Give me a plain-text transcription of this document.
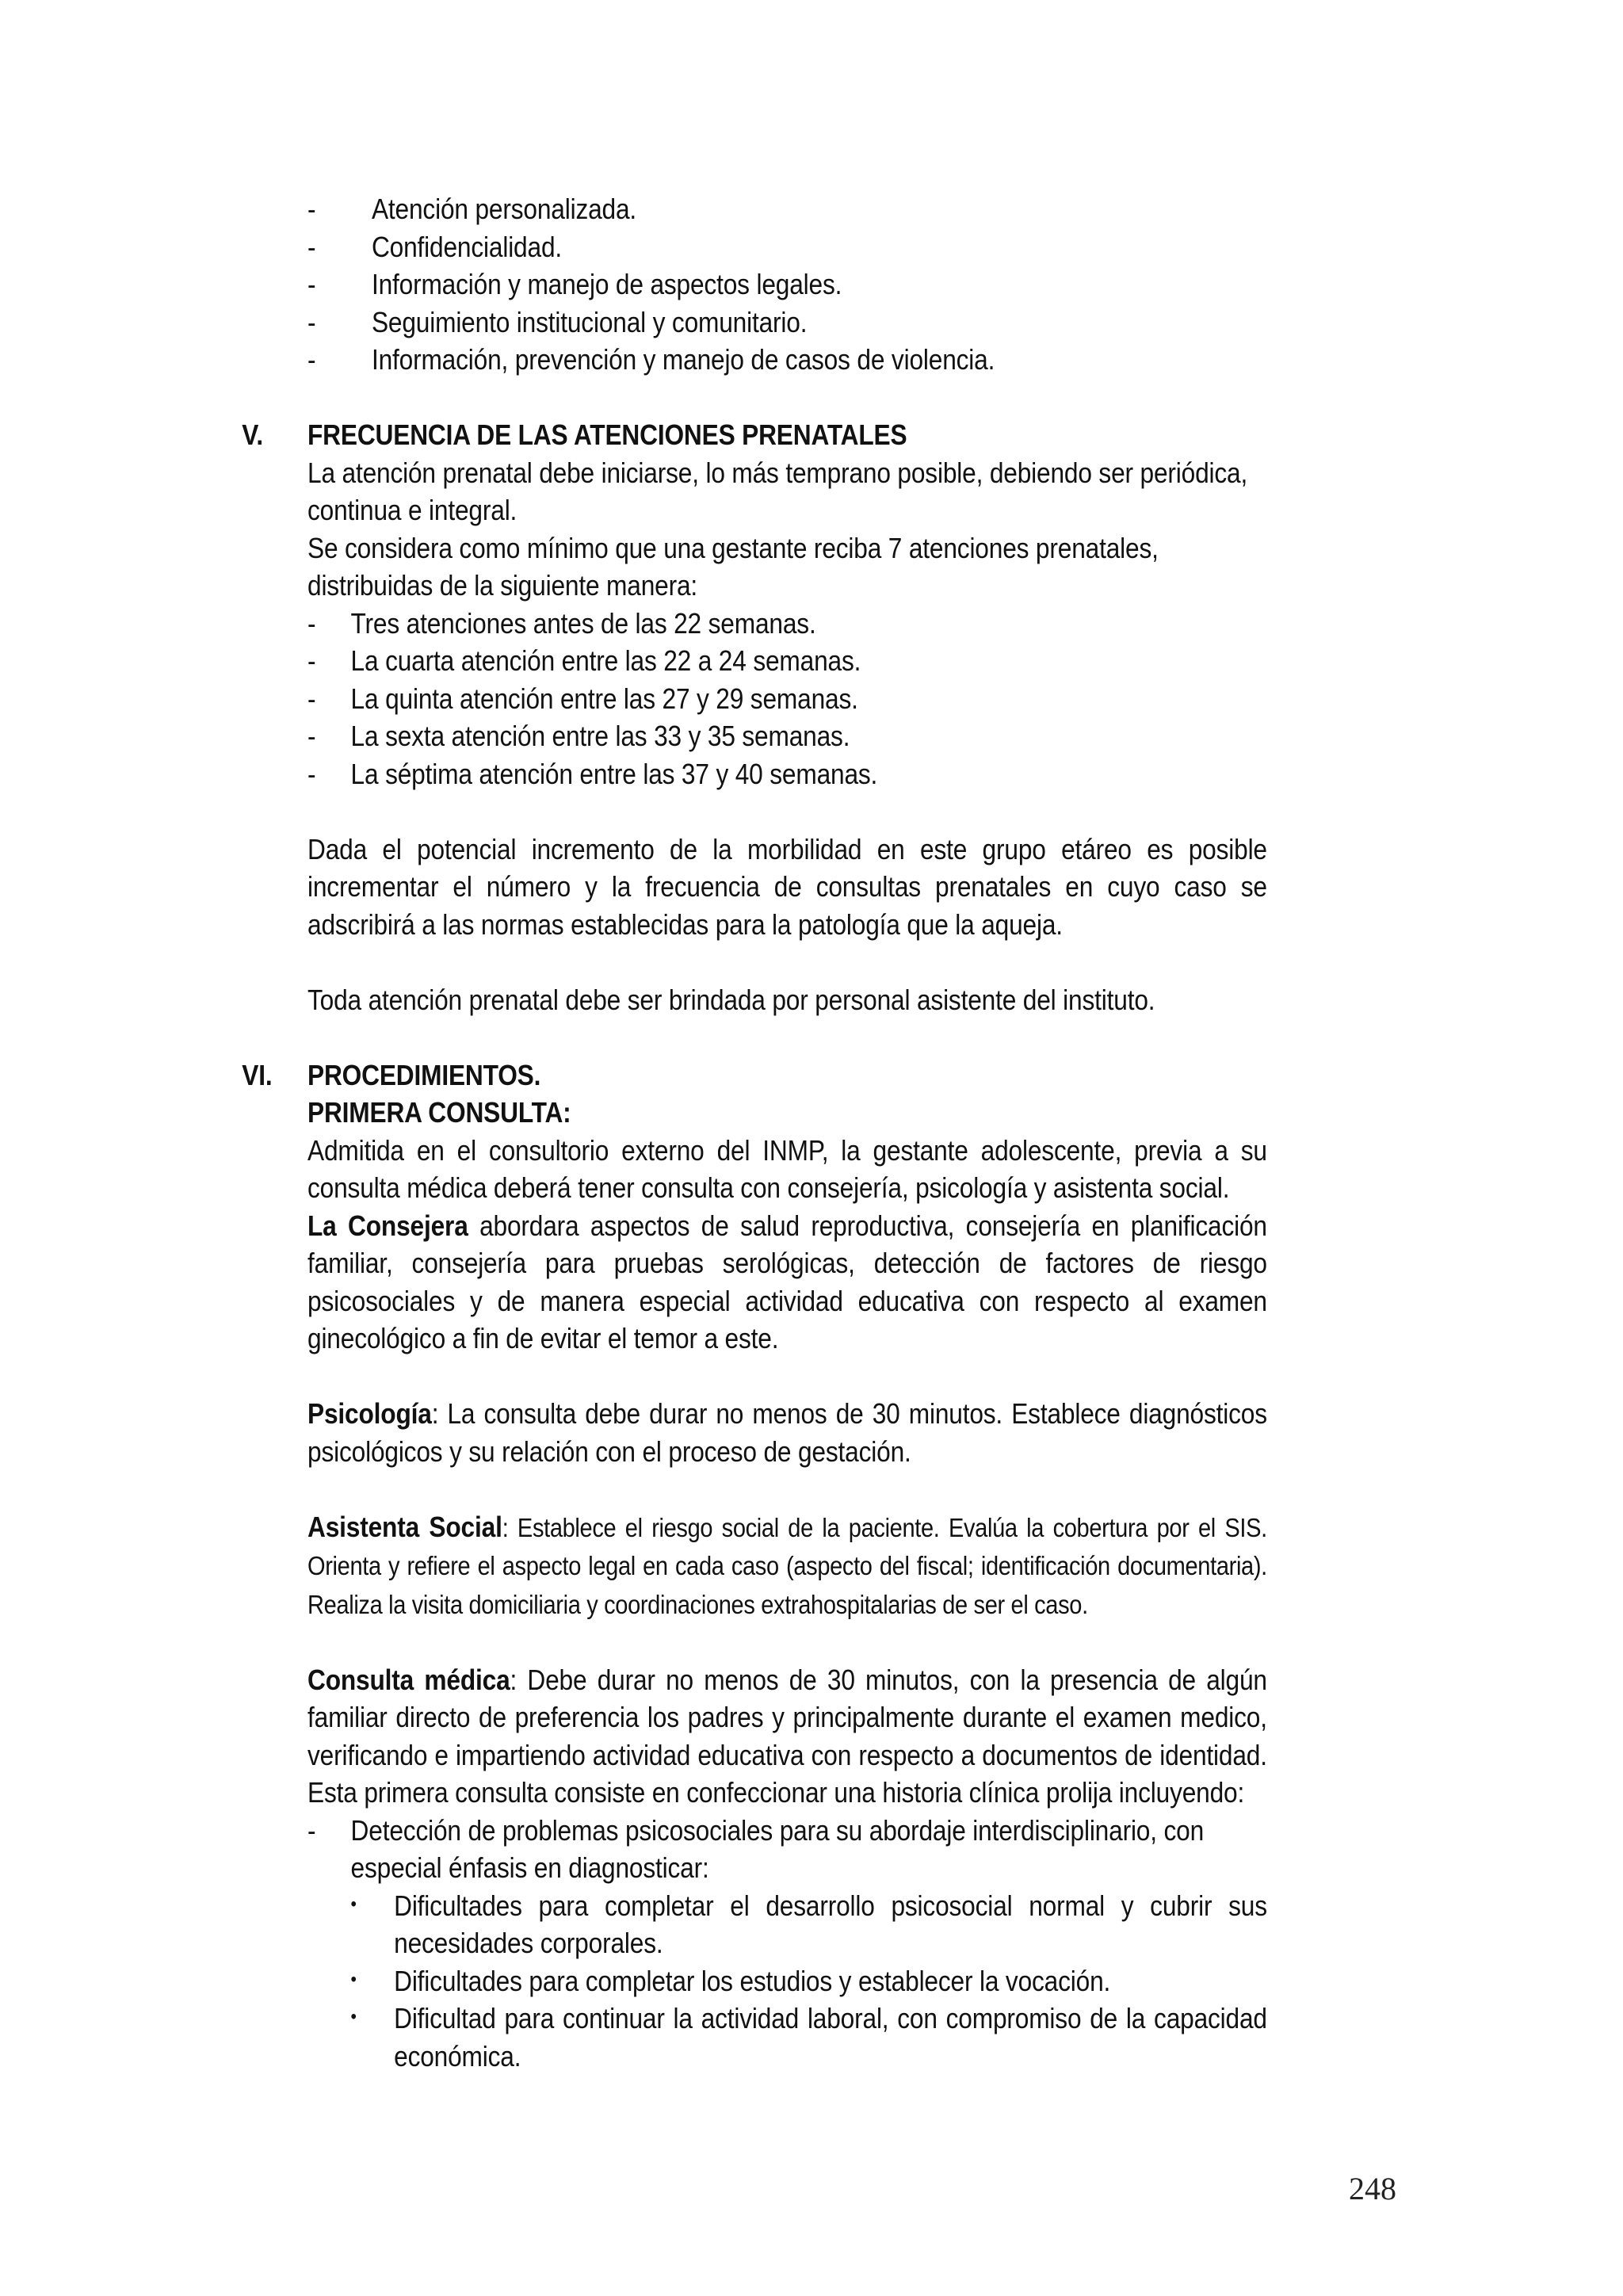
- Atención personalizada.

- Confidencialidad.

- Información y manejo de aspectos legales.

- Seguimiento institucional y comunitario.

- Información, prevención y manejo de casos de violencia.

V. FRECUENCIA DE LAS ATENCIONES PRENATALES

La atención prenatal debe iniciarse, lo más temprano posible, debiendo ser periódica, continua e integral.

Se considera como mínimo que una gestante reciba 7 atenciones prenatales, distribuidas de la siguiente manera:

- Tres atenciones antes de las 22 semanas.

- La cuarta atención entre las 22 a 24 semanas.

- La quinta atención entre las 27 y 29 semanas.

- La sexta atención entre las 33 y 35 semanas.

- La séptima atención entre las 37 y 40 semanas.

Dada el potencial incremento de la morbilidad en este grupo etáreo es posible incrementar el número y la frecuencia de consultas prenatales en cuyo caso se adscribirá a las normas establecidas para la patología que la aqueja.

Toda atención prenatal debe ser brindada por personal asistente del instituto.

VI. PROCEDIMIENTOS.

PRIMERA CONSULTA:

Admitida en el consultorio externo del INMP, la gestante adolescente, previa a su consulta médica deberá tener consulta con consejería, psicología y asistenta social.

La Consejera abordara aspectos de salud reproductiva, consejería en planificación familiar, consejería para pruebas serológicas, detección de factores de riesgo psicosociales y de manera especial actividad educativa con respecto al examen ginecológico a fin de evitar el temor a este.

Psicología: La consulta debe durar no menos de 30 minutos. Establece diagnósticos psicológicos y su relación con el proceso de gestación.

Asistenta Social: Establece el riesgo social de la paciente. Evalúa la cobertura por el SIS. Orienta y refiere el aspecto legal en cada caso (aspecto del fiscal; identificación documentaria). Realiza la visita domiciliaria y coordinaciones extrahospitalarias de ser el caso.

Consulta médica: Debe durar no menos de 30 minutos, con la presencia de algún familiar directo de preferencia los padres y principalmente durante el examen medico, verificando e impartiendo actividad educativa con respecto a documentos de identidad. Esta primera consulta consiste en confeccionar una historia clínica prolija incluyendo:

- Detección de problemas psicosociales para su abordaje interdisciplinario, con especial énfasis en diagnosticar:

• Dificultades para completar el desarrollo psicosocial normal y cubrir sus necesidades corporales.

• Dificultades para completar los estudios y establecer la vocación.

• Dificultad para continuar la actividad laboral, con compromiso de la capacidad económica.

248
